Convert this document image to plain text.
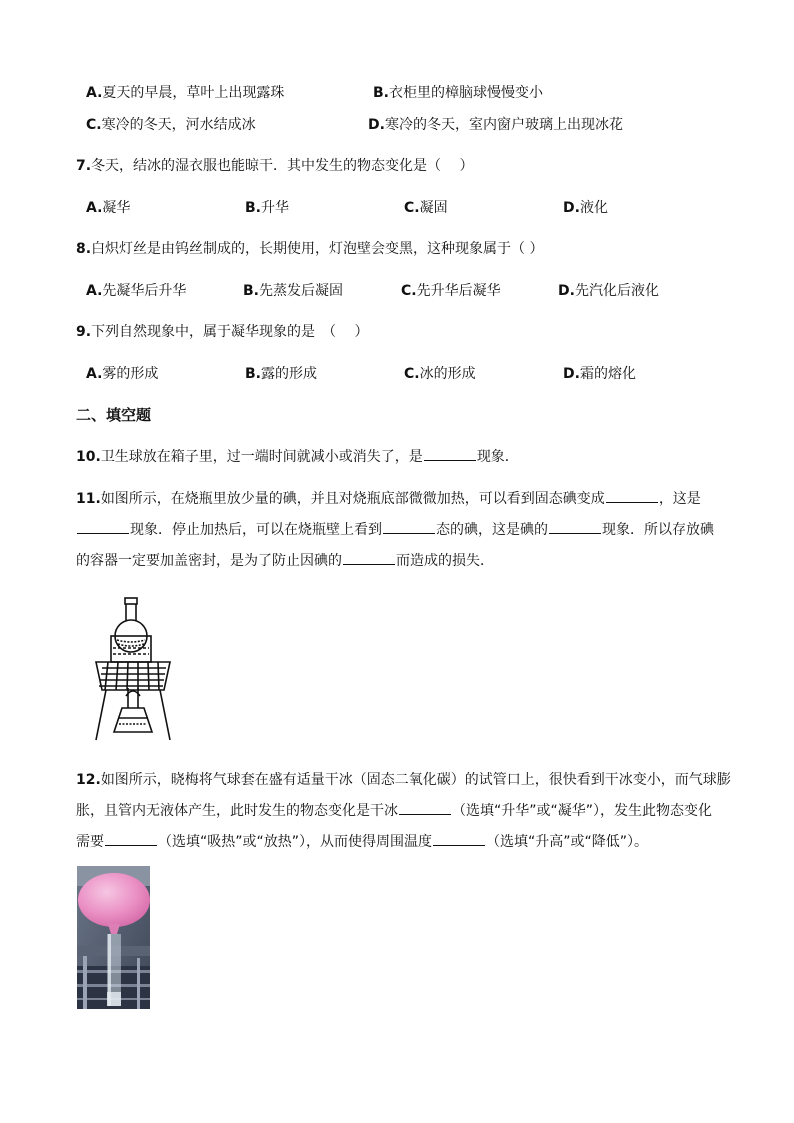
A.夏天的早晨，草叶上出现露珠	B.衣柜里的樟脑球慢慢变小
C.寒冷的冬天，河水结成冰	D.寒冷的冬天，室内窗户玻璃上出现冰花
7.冬天，结冰的湿衣服也能晾干．其中发生的物态变化是（　 ）
A.凝华	B.升华	C.凝固	D.液化
8.白炽灯丝是由钨丝制成的，长期使用，灯泡壁会变黑，这种现象属于（ ）
A.先凝华后升华	B.先蒸发后凝固	C.先升华后凝华	D.先汽化后液化
9.下列自然现象中，属于凝华现象的是　（　 ）
A.雾的形成	B.露的形成	C.冰的形成	D.霜的熔化
二、填空题
10.卫生球放在箱子里，过一端时间就减小或消失了，是	现象．
11.如图所示，在烧瓶里放少量的碘，并且对烧瓶底部微微加热，可以看到固态碘变成	，这是
现象．停止加热后，可以在烧瓶壁上看到	态的碘，这是碘的	现象．所以存放碘
的容器一定要加盖密封，是为了防止因碘的	而造成的损失．
12.如图所示，晓梅将气球套在盛有适量干冰（固态二氧化碳）的试管口上，很快看到干冰变小，而气球膨
胀，且管内无液体产生，此时发生的物态变化是干冰	（选填“升华”或“凝华”），发生此物态变化
需要	（选填“吸热”或“放热”），从而使得周围温度	（选填“升高”或“降低”）。
